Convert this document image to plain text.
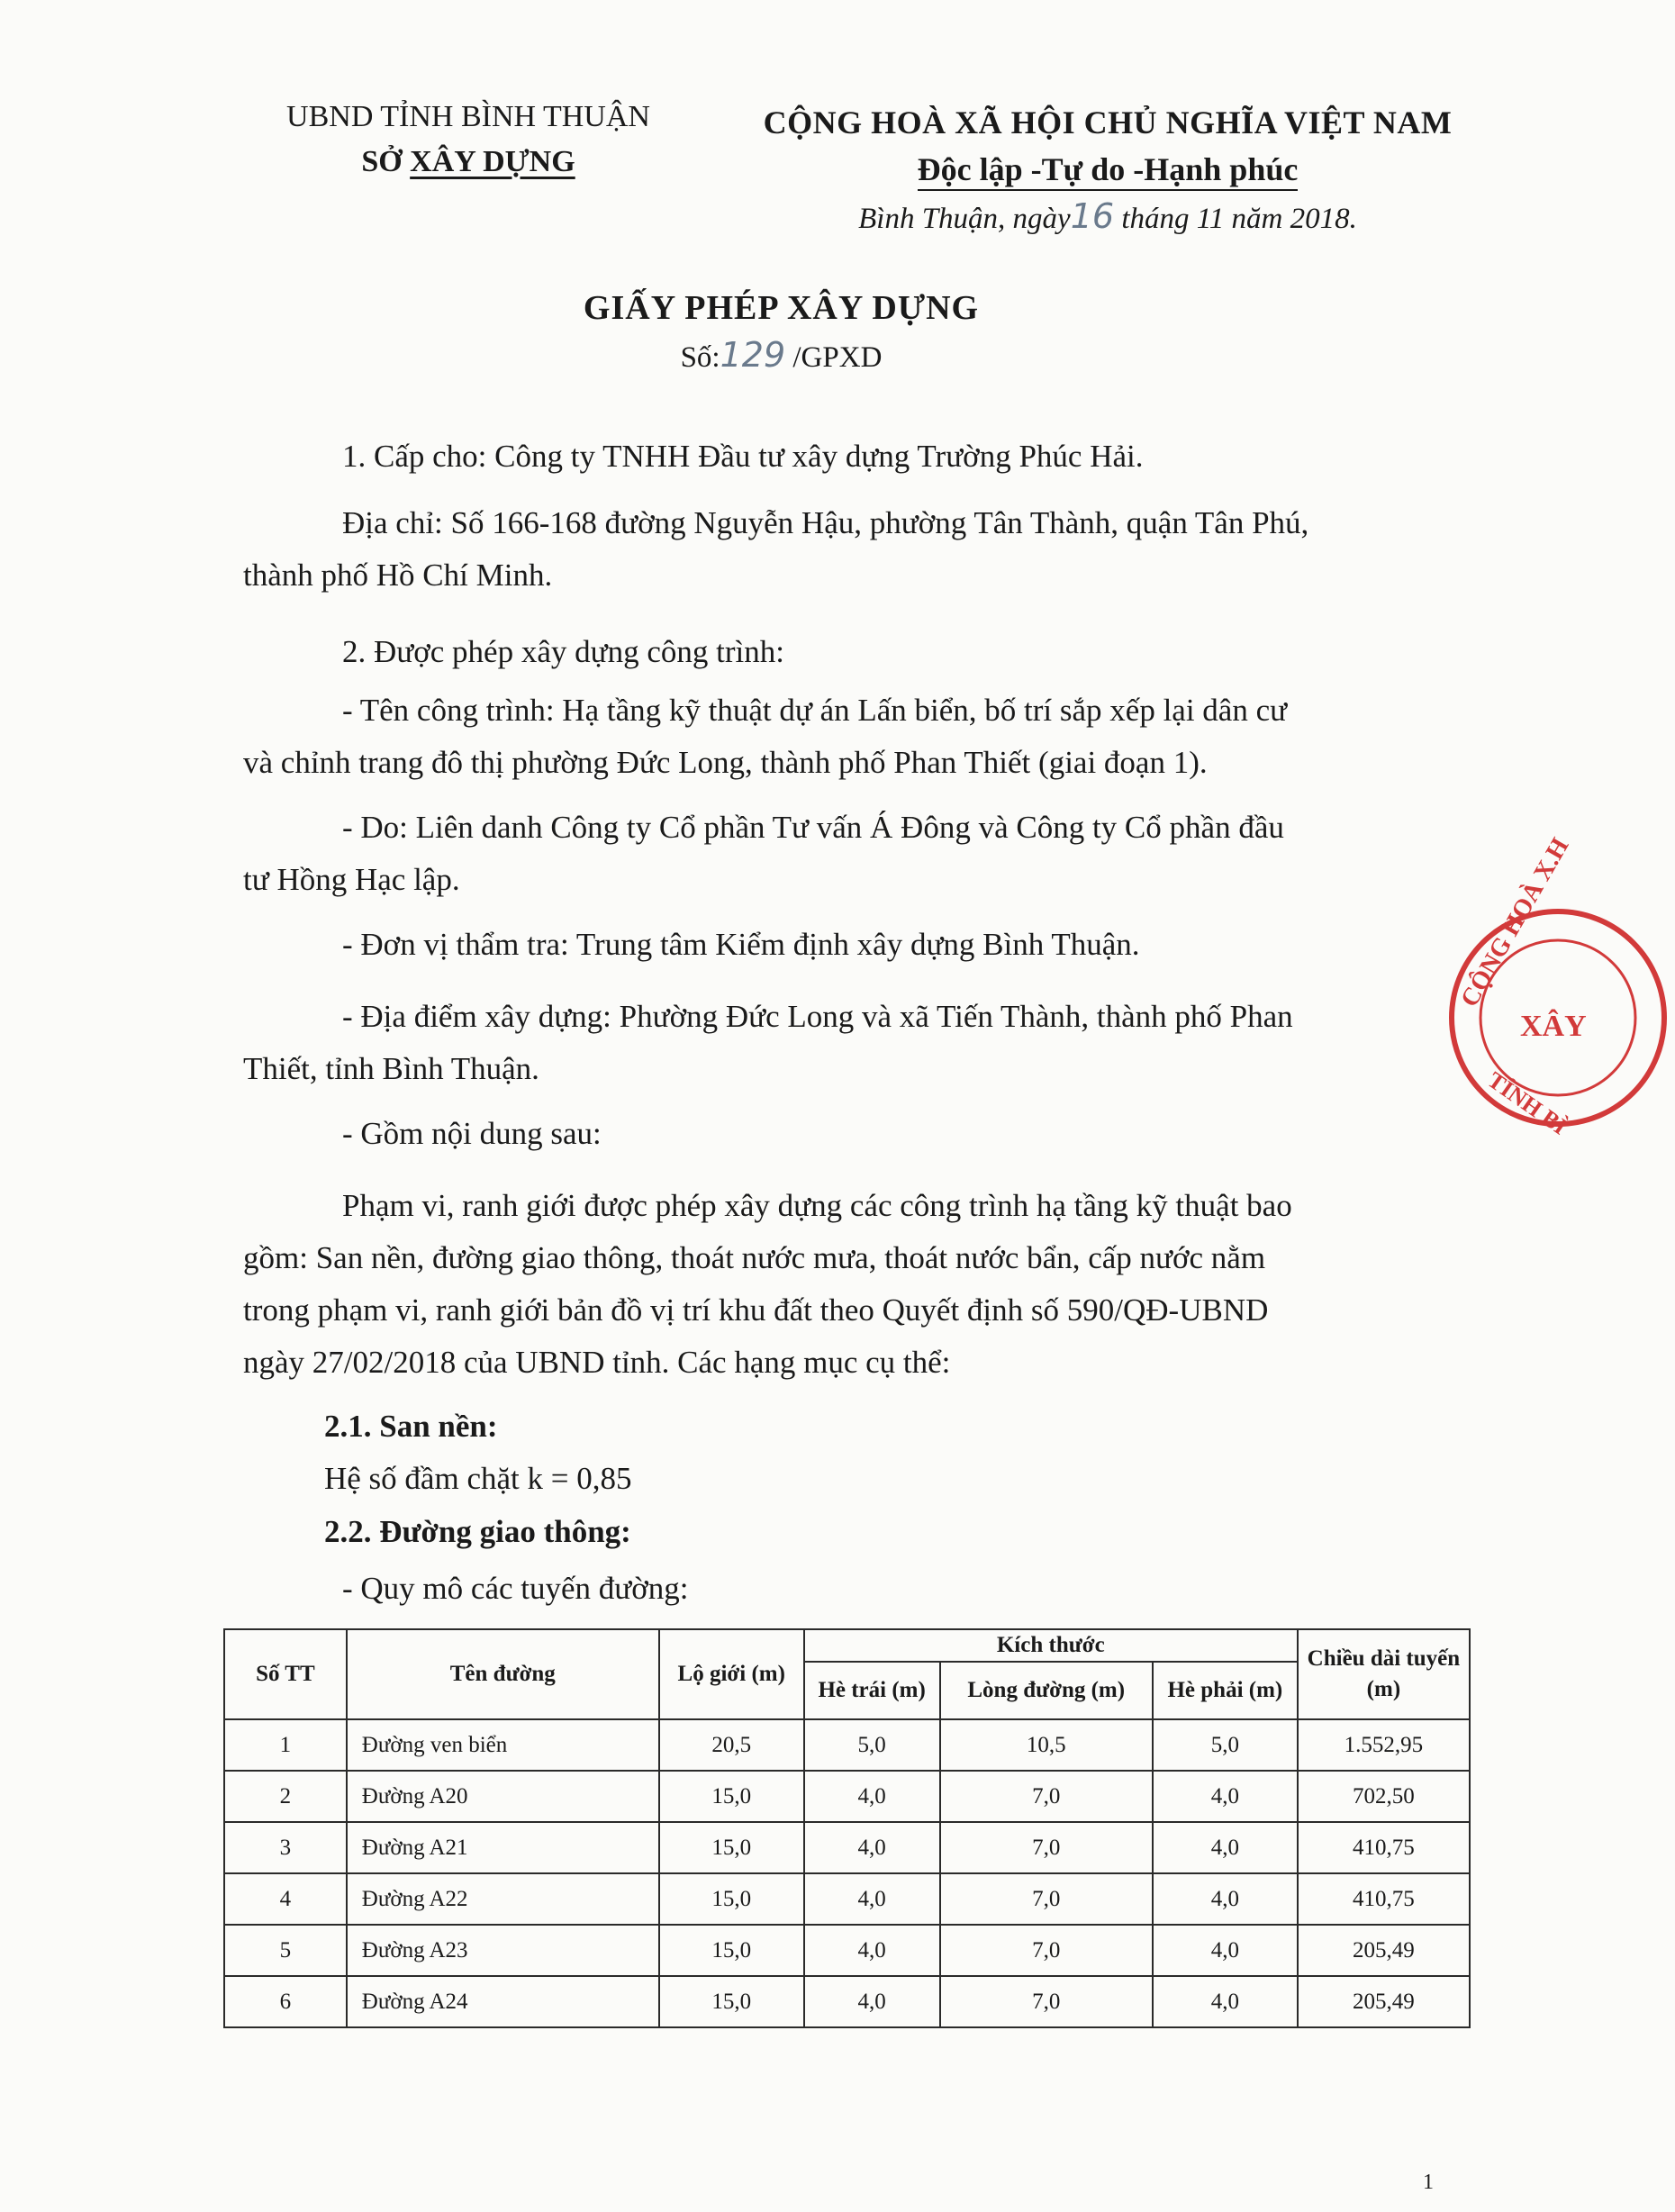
UBND TỈNH BÌNH THUẬN
SỞ XÂY DỰNG
CỘNG HOÀ XÃ HỘI CHỦ NGHĨA VIỆT NAM
Độc lập -Tự do -Hạnh phúc
Bình Thuận, ngày16 tháng 11 năm 2018.
GIẤY PHÉP XÂY DỰNG
Số:129 /GPXD
1. Cấp cho: Công ty TNHH Đầu tư xây dựng Trường Phúc Hải.
Địa chỉ: Số 166-168 đường Nguyễn Hậu, phường Tân Thành, quận Tân Phú,
thành phố Hồ Chí Minh.
2. Được phép xây dựng công trình:
- Tên công trình: Hạ tầng kỹ thuật dự án Lấn biển, bố trí sắp xếp lại dân cư
và chỉnh trang đô thị phường Đức Long, thành phố Phan Thiết (giai đoạn 1).
- Do: Liên danh Công ty Cổ phần Tư vấn Á Đông và Công ty Cổ phần đầu
tư Hồng Hạc lập.
- Đơn vị thẩm tra: Trung tâm Kiểm định xây dựng Bình Thuận.
- Địa điểm xây dựng: Phường Đức Long và xã Tiến Thành, thành phố Phan
Thiết, tỉnh Bình Thuận.
- Gồm nội dung sau:
Phạm vi, ranh giới được phép xây dựng các công trình hạ tầng kỹ thuật bao
gồm: San nền, đường giao thông, thoát nước mưa, thoát nước bẩn, cấp nước nằm
trong phạm vi, ranh giới bản đồ vị trí khu đất theo Quyết định số 590/QĐ-UBND
ngày 27/02/2018 của UBND tỉnh. Các hạng mục cụ thể:
2.1. San nền:
Hệ số đầm chặt k = 0,85
2.2. Đường giao thông:
- Quy mô các tuyến đường:
Số TT	Tên đường	Lộ giới (m)	Kích thước			Chiều dài tuyến (m)
			Hè trái (m)	Lòng đường (m)	Hè phải (m)	
1	Đường ven biển	20,5	5,0	10,5	5,0	1.552,95
2	Đường A20	15,0	4,0	7,0	4,0	702,50
3	Đường A21	15,0	4,0	7,0	4,0	410,75
4	Đường A22	15,0	4,0	7,0	4,0	410,75
5	Đường A23	15,0	4,0	7,0	4,0	205,49
6	Đường A24	15,0	4,0	7,0	4,0	205,49
CỘNG HOÀ X.H
XÂY
TỈNH BÌ
1
